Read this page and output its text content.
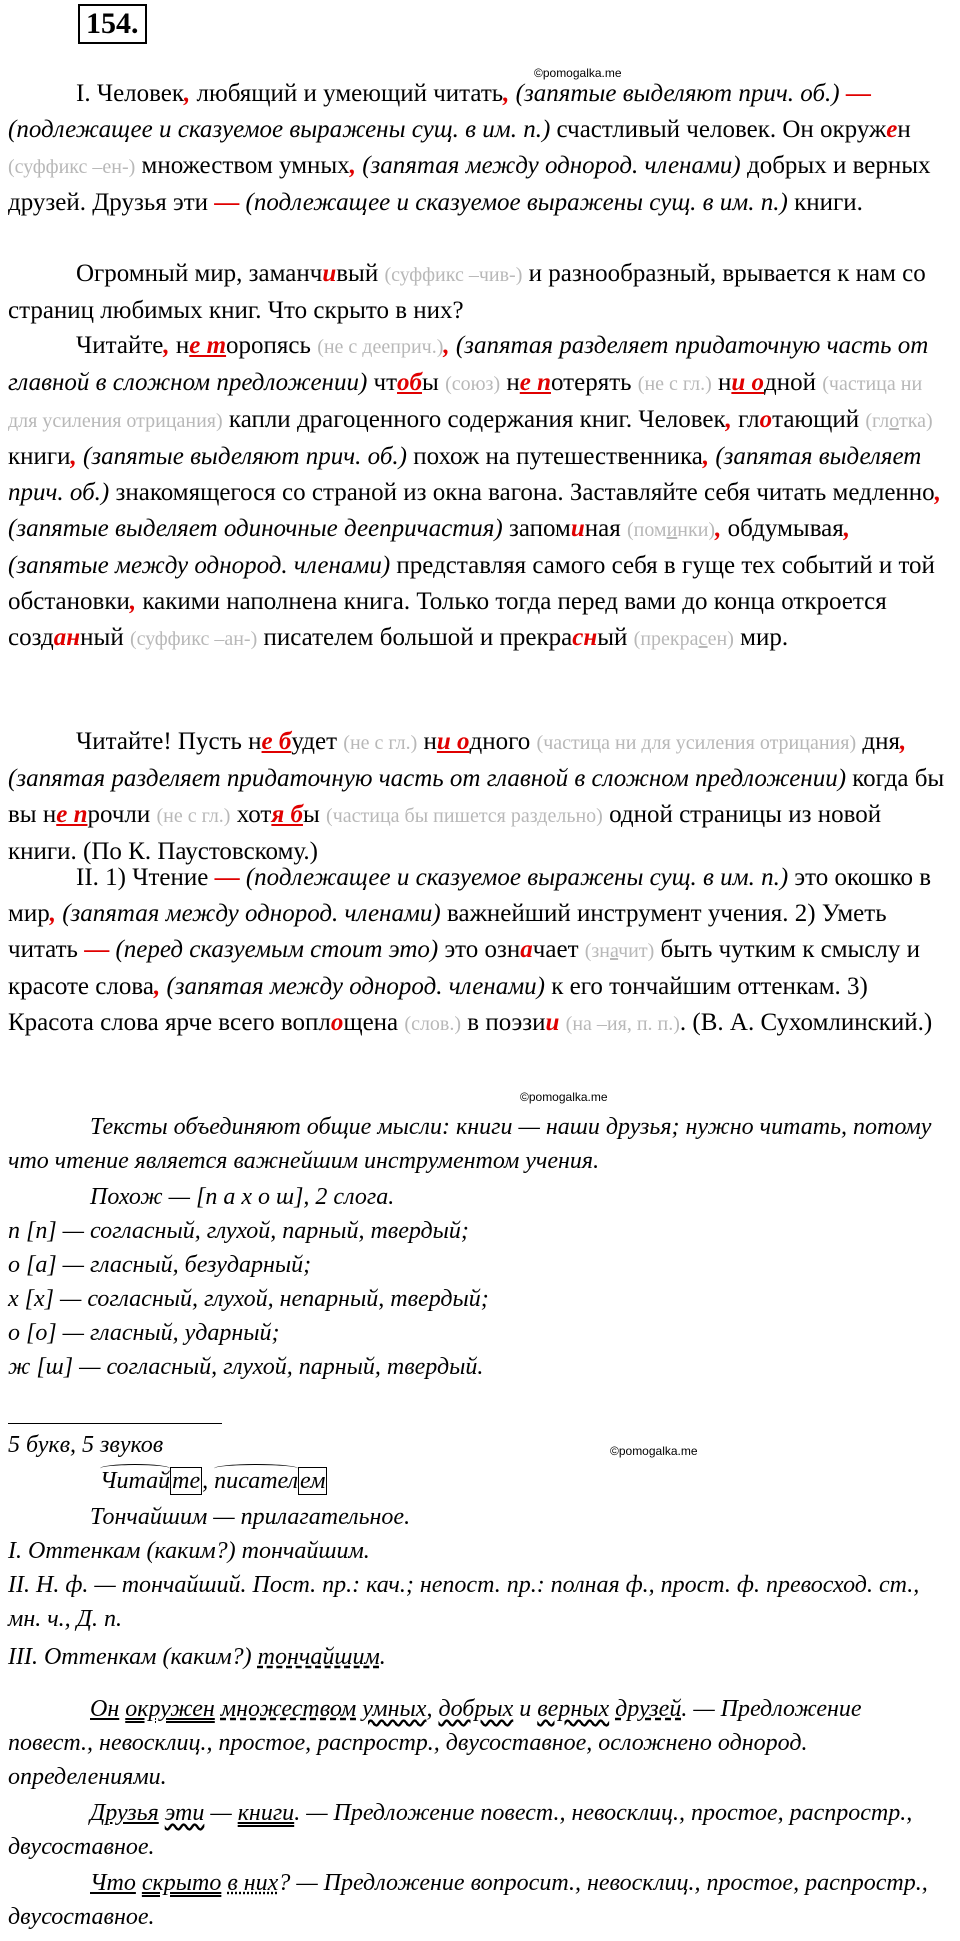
154.
©pomogalka.me
I. Человек, любящий и умеющий читать, (запятые выделяют прич. об.) — (подлежащее и сказуемое выражены сущ. в им. п.) счастливый человек. Он окружен (суффикс –ен-) множеством умных, (запятая между однород. членами) добрых и верных друзей. Друзья эти — (подлежащее и сказуемое выражены сущ. в им. п.) книги.
Огромный мир, заманчивый (суффикс –чив-) и разнообразный, врывается к нам со страниц любимых книг. Что скрыто в них?
Читайте, не торопясь (не с дееприч.), (запятая разделяет придаточную часть от главной в сложном предложении) чтобы (союз) не потерять (не с гл.) ни одной (частица ни для усиления отрицания) капли драгоценного содержания книг. Человек, глотающий (глотка) книги, (запятые выделяют прич. об.) похож на путешественника, (запятая выделяет прич. об.) знакомящегося со страной из окна вагона. Заставляйте себя читать медленно, (запятые выделяет одиночные деепричастия) запоминая (поминки), обдумывая, (запятые между однород. членами) представляя самого себя в гуще тех событий и той обстановки, какими наполнена книга. Только тогда перед вами до конца откроется созданный (суффикс –ан-) писателем большой и прекрасный (прекрасен) мир.
Читайте! Пусть не будет (не с гл.) ни одного (частица ни для усиления отрицания) дня, (запятая разделяет придаточную часть от главной в сложном предложении) когда бы вы не прочли (не с гл.) хотя бы (частица бы пишется раздельно) одной страницы из новой книги. (По К. Паустовскому.)
II. 1) Чтение — (подлежащее и сказуемое выражены сущ. в им. п.) это окошко в мир, (запятая между однород. членами) важнейший инструмент учения. 2) Уметь читать — (перед сказуемым стоит это) это означает (значит) быть чутким к смыслу и красоте слова, (запятая между однород. членами) к его тончайшим оттенкам. 3) Красота слова ярче всего воплощена (слов.) в поэзии (на –ия, п. п.). (В. А. Сухомлинский.)
©pomogalka.me
Тексты объединяют общие мысли: книги — наши друзья; нужно читать, потому что чтение является важнейшим инструментом учения.
Похож — [п а х о ш], 2 слога.
п [п] — согласный, глухой, парный, твердый;
о [а] — гласный, безударный;
х [х] — согласный, глухой, непарный, твердый;
о [о] — гласный, ударный;
ж [ш] — согласный, глухой, парный, твердый.
5 букв, 5 звуков	©pomogalka.me
Читайте, писателем
Тончайшим — прилагательное.
I. Оттенкам (каким?) тончайшим.
II. Н. ф. — тончайший. Пост. пр.: кач.; непост. пр.: полная ф., прост. ф. превосход. ст., мн. ч., Д. п.
III. Оттенкам (каким?) тончайшим.
Он окружен множеством умных, добрых и верных друзей. — Предложение повест., невосклиц., простое, распростр., двусоставное, осложнено однород. определениями.
Друзья эти — книги. — Предложение повест., невосклиц., простое, распростр., двусоставное.
Что скрыто в них? — Предложение вопросит., невосклиц., простое, распростр., двусоставное.
